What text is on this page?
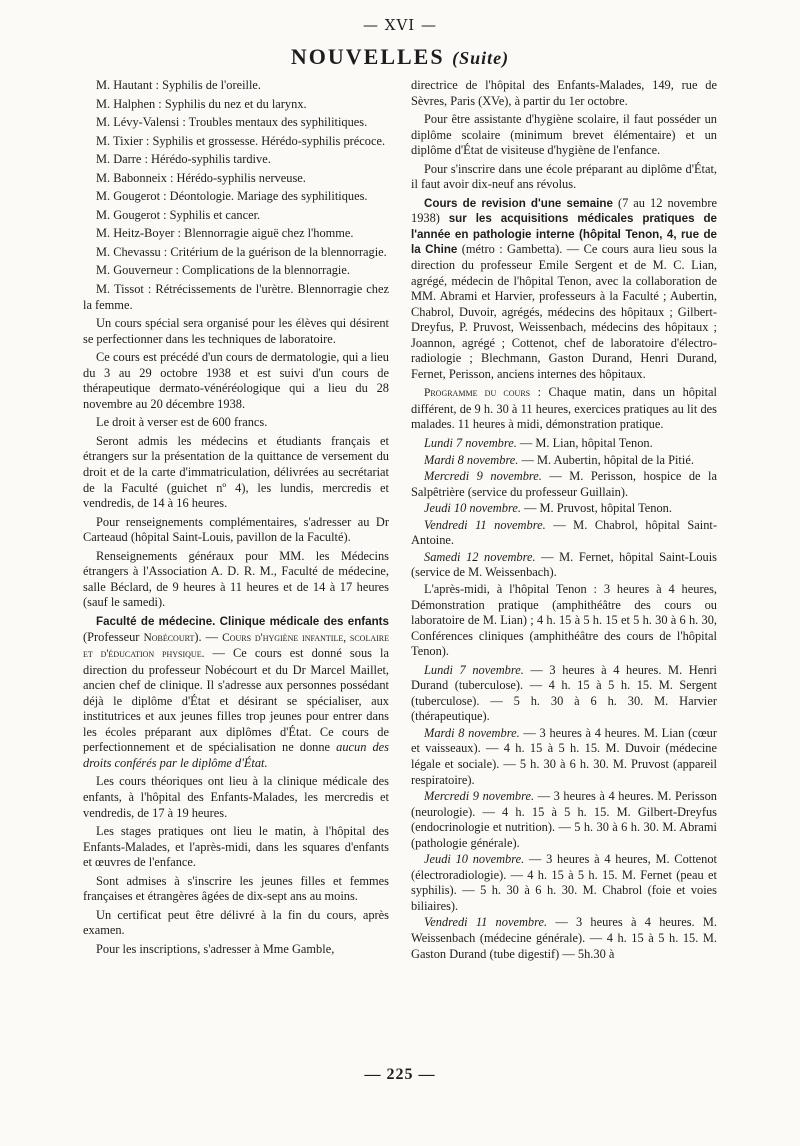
— XVI —
NOUVELLES (Suite)

M. Hautant : Syphilis de l'oreille.

M. Halphen : Syphilis du nez et du larynx.

M. Lévy-Valensi : Troubles mentaux des syphilitiques.

M. Tixier : Syphilis et grossesse. Hérédo-syphilis précoce.

M. Darre : Hérédo-syphilis tardive.

M. Babonneix : Hérédo-syphilis nerveuse.

M. Gougerot : Déontologie. Mariage des syphilitiques.

M. Gougerot : Syphilis et cancer.

M. Heitz-Boyer : Blennorragie aiguë chez l'homme.

M. Chevassu : Critérium de la guérison de la blennorragie.

M. Gouverneur : Complications de la blennorragie.

M. Tissot : Rétrécissements de l'urètre. Blennorragie chez la femme.

Un cours spécial sera organisé pour les élèves qui désirent se perfectionner dans les techniques de laboratoire.

Ce cours est précédé d'un cours de dermatologie, qui a lieu du 3 au 29 octobre 1938 et est suivi d'un cours de thérapeutique dermato-vénéréologique qui a lieu du 28 novembre au 20 décembre 1938.

Le droit à verser est de 600 francs.

Seront admis les médecins et étudiants français et étrangers sur la présentation de la quittance de versement du droit et de la carte d'immatriculation, délivrées au secrétariat de la Faculté (guichet nº 4), les lundis, mercredis et vendredis, de 14 à 16 heures.

Pour renseignements complémentaires, s'adresser au Dr Carteaud (hôpital Saint-Louis, pavillon de la Faculté).

Renseignements généraux pour MM. les Médecins étrangers à l'Association A. D. R. M., Faculté de médecine, salle Béclard, de 9 heures à 11 heures et de 14 à 17 heures (sauf le samedi).

Faculté de médecine. Clinique médicale des enfants (Professeur Nobécourt). — Cours d'hygiène infantile, scolaire et d'éducation physique. — Ce cours est donné sous la direction du professeur Nobécourt et du Dr Marcel Maillet, ancien chef de clinique. Il s'adresse aux personnes possédant déjà le diplôme d'État et désirant se spécialiser, aux institutrices et aux jeunes filles trop jeunes pour entrer dans les écoles préparant aux diplômes d'État. Ce cours de perfectionnement et de spécialisation ne donne aucun des droits conférés par le diplôme d'État.

Les cours théoriques ont lieu à la clinique médicale des enfants, à l'hôpital des Enfants-Malades, les mercredis et vendredis, de 17 à 19 heures.

Les stages pratiques ont lieu le matin, à l'hôpital des Enfants-Malades, et l'après-midi, dans les squares d'enfants et œuvres de l'enfance.

Sont admises à s'inscrire les jeunes filles et femmes françaises et étrangères âgées de dix-sept ans au moins.

Un certificat peut être délivré à la fin du cours, après examen.

Pour les inscriptions, s'adresser à Mme Gamble,

directrice de l'hôpital des Enfants-Malades, 149, rue de Sèvres, Paris (XVe), à partir du 1er octobre.

Pour être assistante d'hygiène scolaire, il faut posséder un diplôme scolaire (minimum brevet élémentaire) et un diplôme d'État de visiteuse d'hygiène de l'enfance.

Pour s'inscrire dans une école préparant au diplôme d'État, il faut avoir dix-neuf ans révolus.

Cours de revision d'une semaine (7 au 12 novembre 1938) sur les acquisitions médicales pratiques de l'année en pathologie interne (hôpital Tenon, 4, rue de la Chine (métro : Gambetta). — Ce cours aura lieu sous la direction du professeur Emile Sergent et de M. C. Lian, agrégé, médecin de l'hôpital Tenon, avec la collaboration de MM. Abrami et Harvier, professeurs à la Faculté ; Aubertin, Chabrol, Duvoir, agrégés, médecins des hôpitaux ; Gilbert-Dreyfus, P. Pruvost, Weissenbach, médecins des hôpitaux ; Joannon, agrégé ; Cottenot, chef de laboratoire d'électro-radiologie ; Blechmann, Gaston Durand, Henri Durand, Fernet, Perisson, anciens internes des hôpitaux.

Programme du cours : Chaque matin, dans un hôpital différent, de 9 h. 30 à 11 heures, exercices pratiques au lit des malades. 11 heures à midi, démonstration pratique.

Lundi 7 novembre. — M. Lian, hôpital Tenon.

Mardi 8 novembre. — M. Aubertin, hôpital de la Pitié.

Mercredi 9 novembre. — M. Perisson, hospice de la Salpêtrière (service du professeur Guillain).

Jeudi 10 novembre. — M. Pruvost, hôpital Tenon.

Vendredi 11 novembre. — M. Chabrol, hôpital Saint-Antoine.

Samedi 12 novembre. — M. Fernet, hôpital Saint-Louis (service de M. Weissenbach).

L'après-midi, à l'hôpital Tenon : 3 heures à 4 heures, Démonstration pratique (amphithéâtre des cours ou laboratoire de M. Lian) ; 4 h. 15 à 5 h. 15 et 5 h. 30 à 6 h. 30, Conférences cliniques (amphithéâtre des cours de l'hôpital Tenon).

Lundi 7 novembre. — 3 heures à 4 heures. M. Henri Durand (tuberculose). — 4 h. 15 à 5 h. 15. M. Sergent (tuberculose). — 5 h. 30 à 6 h. 30. M. Harvier (thérapeutique).

Mardi 8 novembre. — 3 heures à 4 heures. M. Lian (cœur et vaisseaux). — 4 h. 15 à 5 h. 15. M. Duvoir (médecine légale et sociale). — 5 h. 30 à 6 h. 30. M. Pruvost (appareil respiratoire).

Mercredi 9 novembre. — 3 heures à 4 heures. M. Perisson (neurologie). — 4 h. 15 à 5 h. 15. M. Gilbert-Dreyfus (endocrinologie et nutrition). — 5 h. 30 à 6 h. 30. M. Abrami (pathologie générale).

Jeudi 10 novembre. — 3 heures à 4 heures, M. Cottenot (électroradiologie). — 4 h. 15 à 5 h. 15. M. Fernet (peau et syphilis). — 5 h. 30 à 6 h. 30. M. Chabrol (foie et voies biliaires).

Vendredi 11 novembre. — 3 heures à 4 heures. M. Weissenbach (médecine générale). — 4 h. 15 à 5 h. 15. M. Gaston Durand (tube digestif) — 5h.30 à

— 225 —
